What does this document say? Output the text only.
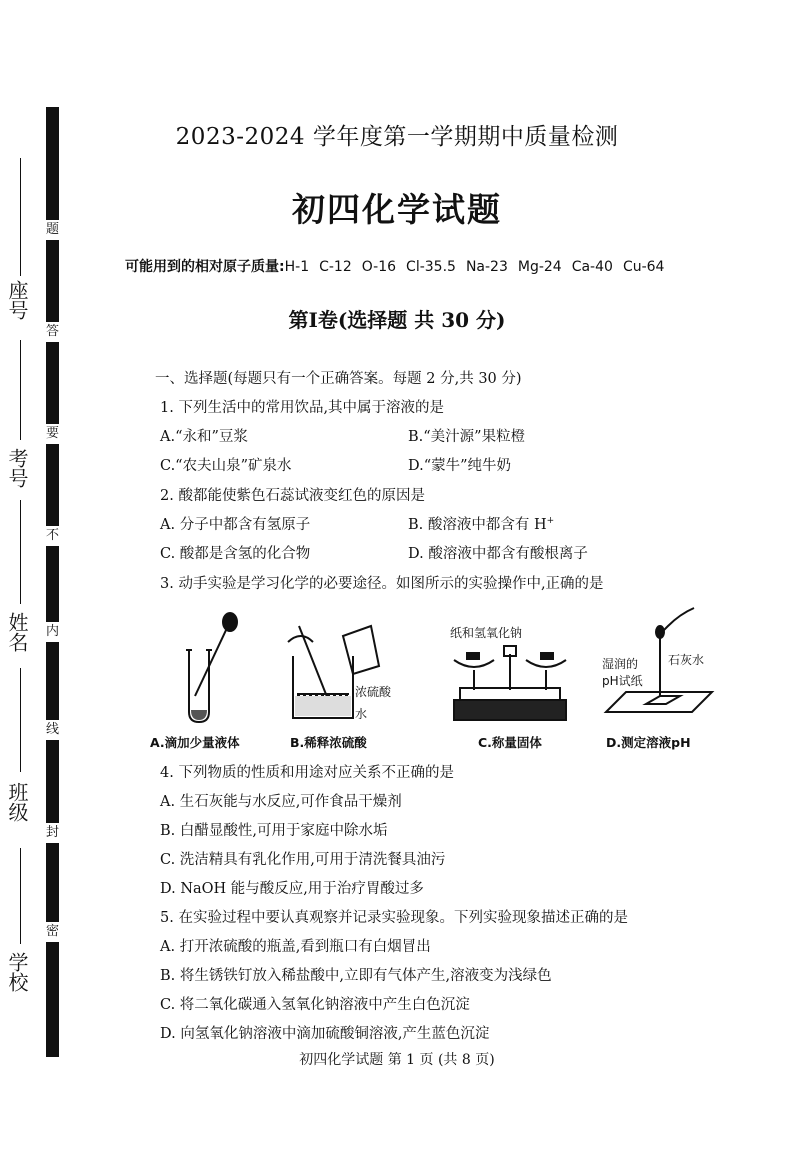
题
答
要
不
内
线
封
密
座号
考号
姓名
班级
学校
2023-2024 学年度第一学期期中质量检测
初四化学试题
可能用到的相对原子质量:H-1 C-12 O-16 Cl-35.5 Na-23 Mg-24 Ca-40 Cu-64
第Ⅰ卷(选择题 共 30 分)
一、选择题(每题只有一个正确答案。每题 2 分,共 30 分)
1. 下列生活中的常用饮品,其中属于溶液的是
A.“永和”豆浆	B.“美汁源”果粒橙
C.“农夫山泉”矿泉水	D.“蒙牛”纯牛奶
2. 酸都能使紫色石蕊试液变红色的原因是
A. 分子中都含有氢原子	B. 酸溶液中都含有 H+
C. 酸都是含氢的化合物	D. 酸溶液中都含有酸根离子
3. 动手实验是学习化学的必要途径。如图所示的实验操作中,正确的是
浓硫酸
水
纸和氢氧化钠
湿润的
pH试纸
石灰水
A.滴加少量液体	B.稀释浓硫酸	C.称量固体	D.测定溶液pH
4. 下列物质的性质和用途对应关系不正确的是
A. 生石灰能与水反应,可作食品干燥剂
B. 白醋显酸性,可用于家庭中除水垢
C. 洗洁精具有乳化作用,可用于清洗餐具油污
D. NaOH 能与酸反应,用于治疗胃酸过多
5. 在实验过程中要认真观察并记录实验现象。下列实验现象描述正确的是
A. 打开浓硫酸的瓶盖,看到瓶口有白烟冒出
B. 将生锈铁钉放入稀盐酸中,立即有气体产生,溶液变为浅绿色
C. 将二氧化碳通入氢氧化钠溶液中产生白色沉淀
D. 向氢氧化钠溶液中滴加硫酸铜溶液,产生蓝色沉淀
初四化学试题 第 1 页 (共 8 页)
